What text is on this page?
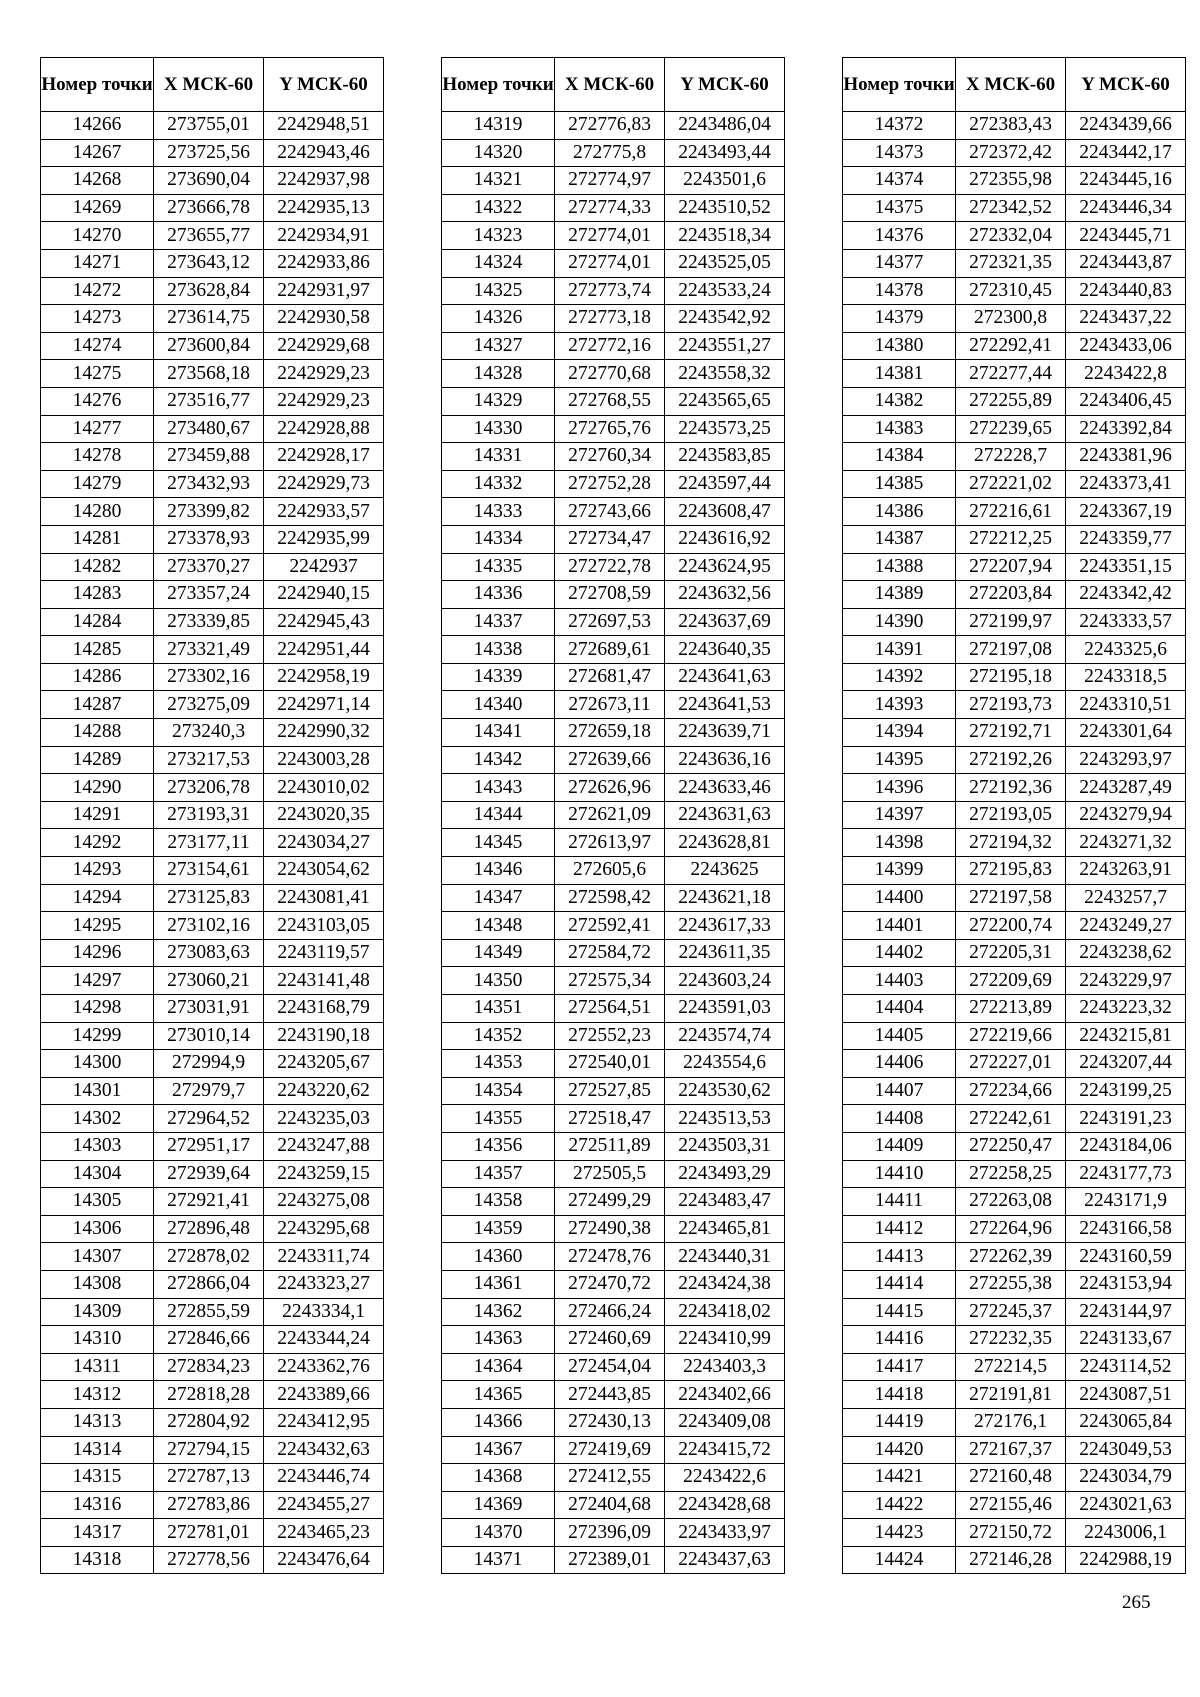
Номер точки	X МСК-60	Y МСК-60
14266	273755,01	2242948,51
14267	273725,56	2242943,46
14268	273690,04	2242937,98
14269	273666,78	2242935,13
14270	273655,77	2242934,91
14271	273643,12	2242933,86
14272	273628,84	2242931,97
14273	273614,75	2242930,58
14274	273600,84	2242929,68
14275	273568,18	2242929,23
14276	273516,77	2242929,23
14277	273480,67	2242928,88
14278	273459,88	2242928,17
14279	273432,93	2242929,73
14280	273399,82	2242933,57
14281	273378,93	2242935,99
14282	273370,27	2242937
14283	273357,24	2242940,15
14284	273339,85	2242945,43
14285	273321,49	2242951,44
14286	273302,16	2242958,19
14287	273275,09	2242971,14
14288	273240,3	2242990,32
14289	273217,53	2243003,28
14290	273206,78	2243010,02
14291	273193,31	2243020,35
14292	273177,11	2243034,27
14293	273154,61	2243054,62
14294	273125,83	2243081,41
14295	273102,16	2243103,05
14296	273083,63	2243119,57
14297	273060,21	2243141,48
14298	273031,91	2243168,79
14299	273010,14	2243190,18
14300	272994,9	2243205,67
14301	272979,7	2243220,62
14302	272964,52	2243235,03
14303	272951,17	2243247,88
14304	272939,64	2243259,15
14305	272921,41	2243275,08
14306	272896,48	2243295,68
14307	272878,02	2243311,74
14308	272866,04	2243323,27
14309	272855,59	2243334,1
14310	272846,66	2243344,24
14311	272834,23	2243362,76
14312	272818,28	2243389,66
14313	272804,92	2243412,95
14314	272794,15	2243432,63
14315	272787,13	2243446,74
14316	272783,86	2243455,27
14317	272781,01	2243465,23
14318	272778,56	2243476,64
Номер точки	X МСК-60	Y МСК-60
14319	272776,83	2243486,04
14320	272775,8	2243493,44
14321	272774,97	2243501,6
14322	272774,33	2243510,52
14323	272774,01	2243518,34
14324	272774,01	2243525,05
14325	272773,74	2243533,24
14326	272773,18	2243542,92
14327	272772,16	2243551,27
14328	272770,68	2243558,32
14329	272768,55	2243565,65
14330	272765,76	2243573,25
14331	272760,34	2243583,85
14332	272752,28	2243597,44
14333	272743,66	2243608,47
14334	272734,47	2243616,92
14335	272722,78	2243624,95
14336	272708,59	2243632,56
14337	272697,53	2243637,69
14338	272689,61	2243640,35
14339	272681,47	2243641,63
14340	272673,11	2243641,53
14341	272659,18	2243639,71
14342	272639,66	2243636,16
14343	272626,96	2243633,46
14344	272621,09	2243631,63
14345	272613,97	2243628,81
14346	272605,6	2243625
14347	272598,42	2243621,18
14348	272592,41	2243617,33
14349	272584,72	2243611,35
14350	272575,34	2243603,24
14351	272564,51	2243591,03
14352	272552,23	2243574,74
14353	272540,01	2243554,6
14354	272527,85	2243530,62
14355	272518,47	2243513,53
14356	272511,89	2243503,31
14357	272505,5	2243493,29
14358	272499,29	2243483,47
14359	272490,38	2243465,81
14360	272478,76	2243440,31
14361	272470,72	2243424,38
14362	272466,24	2243418,02
14363	272460,69	2243410,99
14364	272454,04	2243403,3
14365	272443,85	2243402,66
14366	272430,13	2243409,08
14367	272419,69	2243415,72
14368	272412,55	2243422,6
14369	272404,68	2243428,68
14370	272396,09	2243433,97
14371	272389,01	2243437,63
Номер точки	X МСК-60	Y МСК-60
14372	272383,43	2243439,66
14373	272372,42	2243442,17
14374	272355,98	2243445,16
14375	272342,52	2243446,34
14376	272332,04	2243445,71
14377	272321,35	2243443,87
14378	272310,45	2243440,83
14379	272300,8	2243437,22
14380	272292,41	2243433,06
14381	272277,44	2243422,8
14382	272255,89	2243406,45
14383	272239,65	2243392,84
14384	272228,7	2243381,96
14385	272221,02	2243373,41
14386	272216,61	2243367,19
14387	272212,25	2243359,77
14388	272207,94	2243351,15
14389	272203,84	2243342,42
14390	272199,97	2243333,57
14391	272197,08	2243325,6
14392	272195,18	2243318,5
14393	272193,73	2243310,51
14394	272192,71	2243301,64
14395	272192,26	2243293,97
14396	272192,36	2243287,49
14397	272193,05	2243279,94
14398	272194,32	2243271,32
14399	272195,83	2243263,91
14400	272197,58	2243257,7
14401	272200,74	2243249,27
14402	272205,31	2243238,62
14403	272209,69	2243229,97
14404	272213,89	2243223,32
14405	272219,66	2243215,81
14406	272227,01	2243207,44
14407	272234,66	2243199,25
14408	272242,61	2243191,23
14409	272250,47	2243184,06
14410	272258,25	2243177,73
14411	272263,08	2243171,9
14412	272264,96	2243166,58
14413	272262,39	2243160,59
14414	272255,38	2243153,94
14415	272245,37	2243144,97
14416	272232,35	2243133,67
14417	272214,5	2243114,52
14418	272191,81	2243087,51
14419	272176,1	2243065,84
14420	272167,37	2243049,53
14421	272160,48	2243034,79
14422	272155,46	2243021,63
14423	272150,72	2243006,1
14424	272146,28	2242988,19
265
